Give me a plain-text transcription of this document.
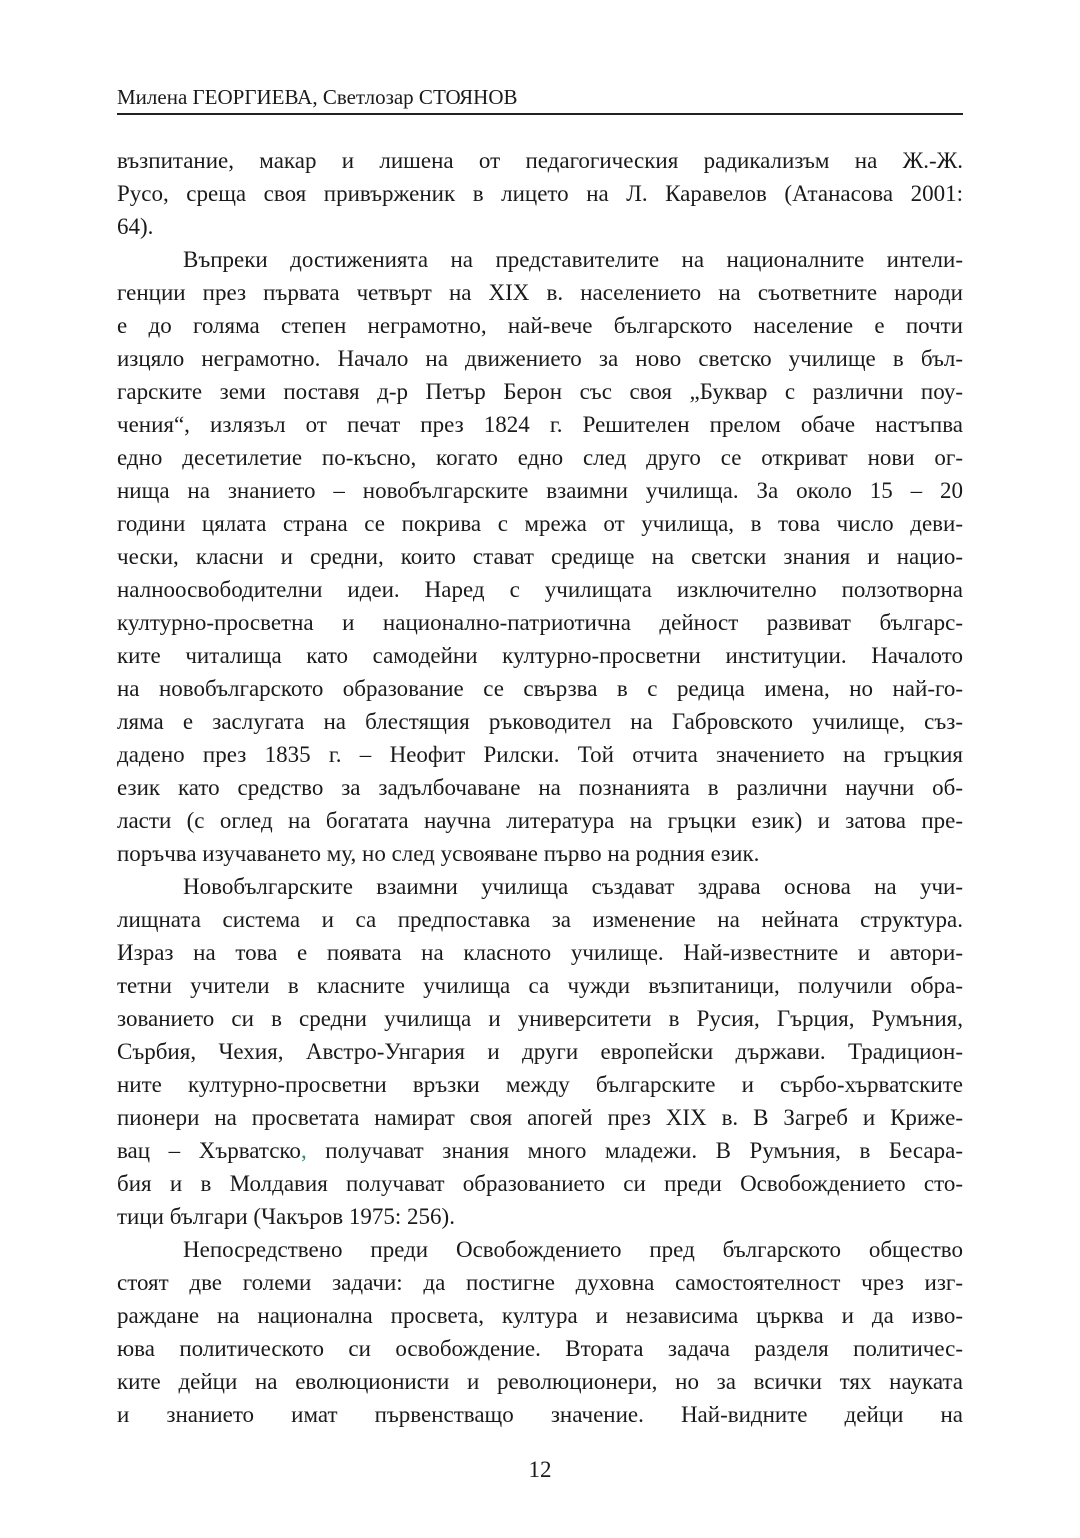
Милена ГЕОРГИЕВА, Светлозар СТОЯНОВ
възпитание, макар и лишена от педагогическия радикализъм на Ж.-Ж.
Русо, среща своя привърженик в лицето на Л. Каравелов (Атанасова 2001:
64).
Въпреки достиженията на представителите на националните интели-
генции през първата четвърт на XIX в. населението на съответните народи
е до голяма степен неграмотно, най-вече българското население е почти
изцяло неграмотно. Начало на движението за ново светско училище в бъл-
гарските земи поставя д-р Петър Берон със своя „Буквар с различни поу-
чения“, излязъл от печат през 1824 г. Решителен прелом обаче настъпва
едно десетилетие по-късно, когато едно след друго се откриват нови ог-
нища на знанието – новобългарските взаимни училища. За около 15 – 20
години цялата страна се покрива с мрежа от училища, в това число деви-
чески, класни и средни, които стават средище на светски знания и нацио-
налноосвободителни идеи. Наред с училищата изключително ползотворна
културно-просветна и национално-патриотична дейност развиват българс-
ките читалища като самодейни културно-просветни институции. Началото
на новобългарското образование се свързва в с редица имена, но най-го-
ляма е заслугата на блестящия ръководител на Габровското училище, съз-
дадено през 1835 г. – Неофит Рилски. Той отчита значението на гръцкия
език като средство за задълбочаване на познанията в различни научни об-
ласти (с оглед на богатата научна литература на гръцки език) и затова пре-
поръчва изучаването му, но след усвояване първо на родния език.
Новобългарските взаимни училища създават здрава основа на учи-
лищната система и са предпоставка за изменение на нейната структура.
Израз на това е появата на класното училище. Най-известните и автори-
тетни учители в класните училища са чужди възпитаници, получили обра-
зованието си в средни училища и университети в Русия, Гърция, Румъния,
Сърбия, Чехия, Австро-Унгария и други европейски държави. Традицион-
ните културно-просветни връзки между българските и сърбо-хърватските
пионери на просветата намират своя апогей през XIX в. В Загреб и Крижe-
вац – Хърватско, получават знания много младежи. В Румъния, в Бесара-
бия и в Молдавия получават образованието си преди Освобождението сто-
тици българи (Чакъров 1975: 256).
Непосредствено преди Освобождението пред българското общество
стоят две големи задачи: да постигне духовна самостоятелност чрез изг-
раждане на национална просвета, култура и независима църква и да изво-
юва политическото си освобождение. Втората задача разделя политичес-
ките дейци на еволюционисти и революционери, но за всички тях науката
и знанието имат първенстващо значение. Най-видните дейци на
12
